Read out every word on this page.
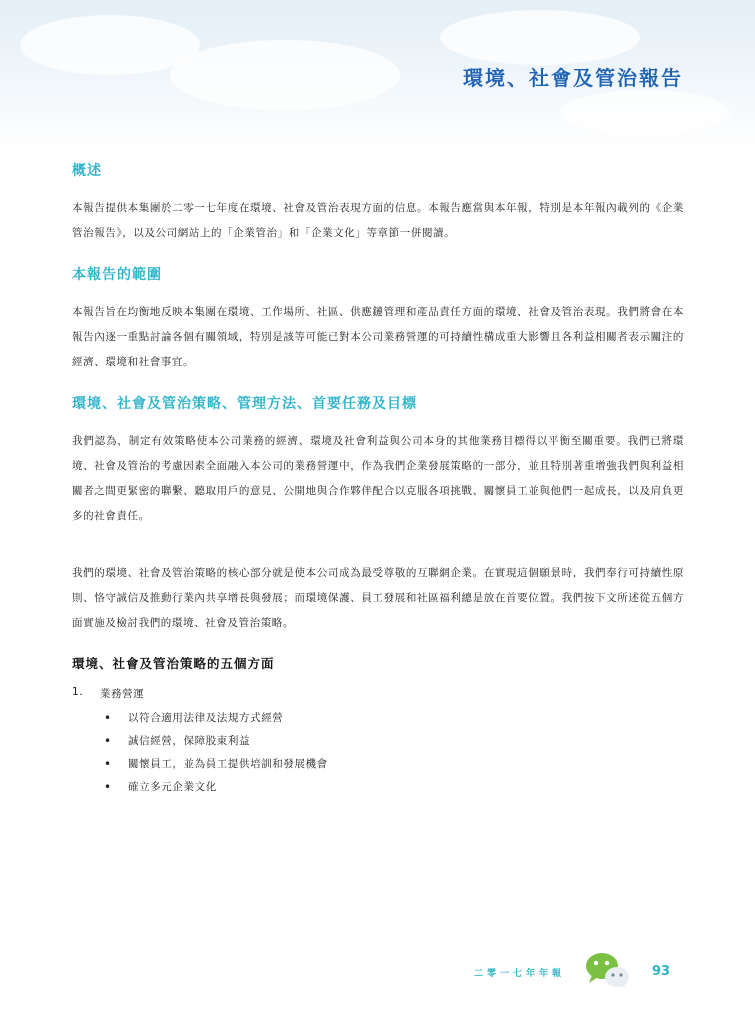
環境、社會及管治報告
概述

本報告提供本集團於二零一七年度在環境、社會及管治表現方面的信息。本報告應當與本年報，特別是本年報內載列的《企業管治報告》，以及公司網站上的「企業管治」和「企業文化」等章節一併閱讀。

本報告的範圍

本報告旨在均衡地反映本集團在環境、工作場所、社區、供應鏈管理和產品責任方面的環境、社會及管治表現。我們將會在本報告內逐一重點討論各個有關領域，特別是該等可能已對本公司業務營運的可持續性構成重大影響且各利益相關者表示關注的經濟、環境和社會事宜。

環境、社會及管治策略、管理方法、首要任務及目標

我們認為，制定有效策略使本公司業務的經濟、環境及社會利益與公司本身的其他業務目標得以平衡至關重要。我們已將環境、社會及管治的考慮因素全面融入本公司的業務營運中，作為我們企業發展策略的一部分，並且特別著重增強我們與利益相關者之間更緊密的聯繫、聽取用戶的意見、公開地與合作夥伴配合以克服各項挑戰、關懷員工並與他們一起成長，以及肩負更多的社會責任。

我們的環境、社會及管治策略的核心部分就是使本公司成為最受尊敬的互聯網企業。在實現這個願景時，我們奉行可持續性原則、恪守誠信及推動行業內共享增長與發展；而環境保護、員工發展和社區福利總是放在首要位置。我們按下文所述從五個方面實施及檢討我們的環境、社會及管治策略。

環境、社會及管治策略的五個方面
1.	業務營運
•	以符合適用法律及法規方式經營
•	誠信經營，保障股東利益
•	關懷員工，並為員工提供培訓和發展機會
•	確立多元企業文化
二零一七年年報	93
